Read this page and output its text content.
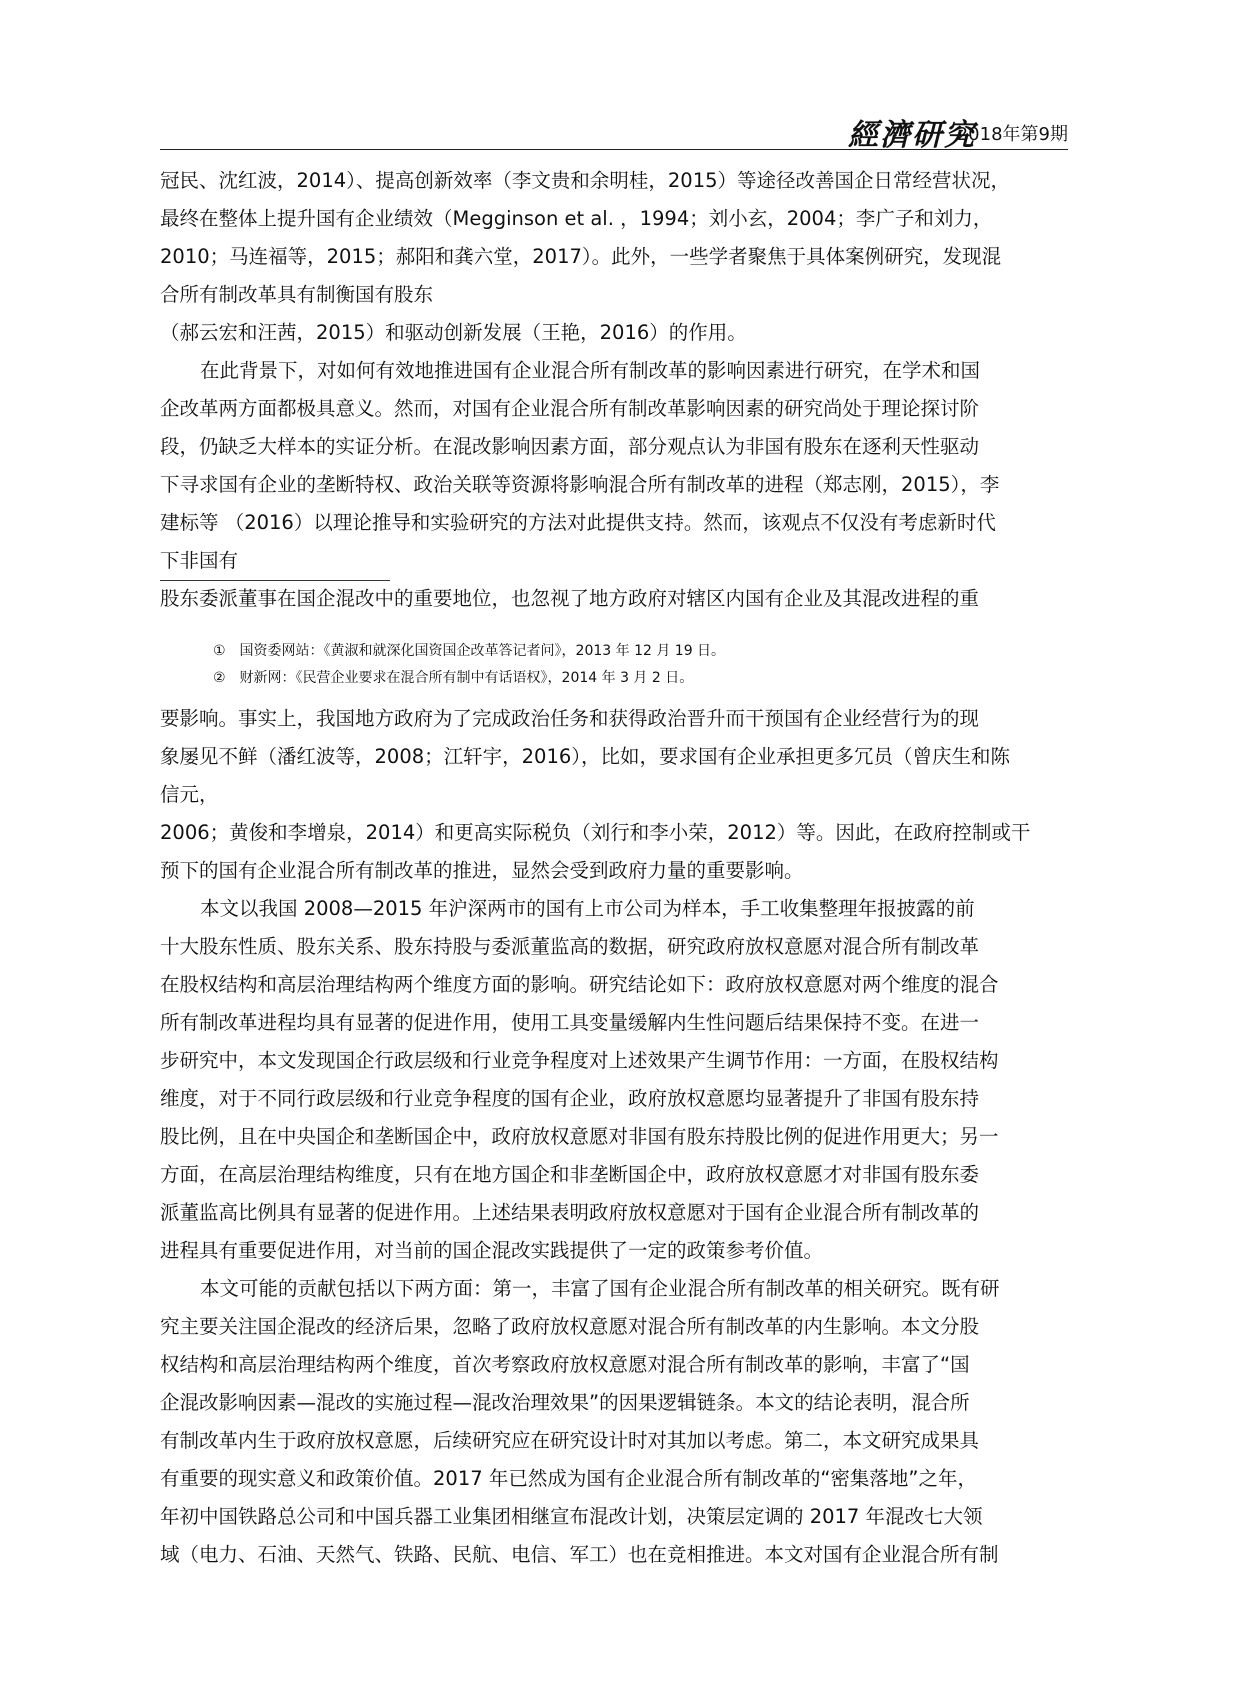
經濟研究
2018年第9期
冠民、沈红波，2014）、提高创新效率（李文贵和余明桂，2015）等途径改善国企日常经营状况，
最终在整体上提升国有企业绩效（Megginson et al. ，1994；刘小玄，2004；李广子和刘力，
2010；马连福等，2015；郝阳和龚六堂，2017）。此外，一些学者聚焦于具体案例研究，发现混
合所有制改革具有制衡国有股东
（郝云宏和汪茜，2015）和驱动创新发展（王艳，2016）的作用。
在此背景下，对如何有效地推进国有企业混合所有制改革的影响因素进行研究，在学术和国
企改革两方面都极具意义。然而，对国有企业混合所有制改革影响因素的研究尚处于理论探讨阶
段，仍缺乏大样本的实证分析。在混改影响因素方面，部分观点认为非国有股东在逐利天性驱动
下寻求国有企业的垄断特权、政治关联等资源将影响混合所有制改革的进程（郑志刚，2015），李
建标等 （2016）以理论推导和实验研究的方法对此提供支持。然而，该观点不仅没有考虑新时代
下非国有
股东委派董事在国企混改中的重要地位，也忽视了地方政府对辖区内国有企业及其混改进程的重
①　国资委网站：《黄淑和就深化国资国企改革答记者问》，2013 年 12 月 19 日。
②　财新网：《民营企业要求在混合所有制中有话语权》，2014 年 3 月 2 日。
要影响。事实上，我国地方政府为了完成政治任务和获得政治晋升而干预国有企业经营行为的现
象屡见不鲜（潘红波等，2008；江轩宇，2016），比如，要求国有企业承担更多冗员（曾庆生和陈
信元，
2006；黄俊和李增泉，2014）和更高实际税负（刘行和李小荣，2012）等。因此，在政府控制或干
预下的国有企业混合所有制改革的推进，显然会受到政府力量的重要影响。
本文以我国 2008—2015 年沪深两市的国有上市公司为样本，手工收集整理年报披露的前
十大股东性质、股东关系、股东持股与委派董监高的数据，研究政府放权意愿对混合所有制改革
在股权结构和高层治理结构两个维度方面的影响。研究结论如下：政府放权意愿对两个维度的混合
所有制改革进程均具有显著的促进作用，使用工具变量缓解内生性问题后结果保持不变。在进一
步研究中，本文发现国企行政层级和行业竞争程度对上述效果产生调节作用：一方面，在股权结构
维度，对于不同行政层级和行业竞争程度的国有企业，政府放权意愿均显著提升了非国有股东持
股比例，且在中央国企和垄断国企中，政府放权意愿对非国有股东持股比例的促进作用更大；另一
方面，在高层治理结构维度，只有在地方国企和非垄断国企中，政府放权意愿才对非国有股东委
派董监高比例具有显著的促进作用。上述结果表明政府放权意愿对于国有企业混合所有制改革的
进程具有重要促进作用，对当前的国企混改实践提供了一定的政策参考价值。
本文可能的贡献包括以下两方面：第一，丰富了国有企业混合所有制改革的相关研究。既有研
究主要关注国企混改的经济后果，忽略了政府放权意愿对混合所有制改革的内生影响。本文分股
权结构和高层治理结构两个维度，首次考察政府放权意愿对混合所有制改革的影响，丰富了“国
企混改影响因素—混改的实施过程—混改治理效果”的因果逻辑链条。本文的结论表明，混合所
有制改革内生于政府放权意愿，后续研究应在研究设计时对其加以考虑。第二，本文研究成果具
有重要的现实意义和政策价值。2017 年已然成为国有企业混合所有制改革的“密集落地”之年，
年初中国铁路总公司和中国兵器工业集团相继宣布混改计划，决策层定调的 2017 年混改七大领
域（电力、石油、天然气、铁路、民航、电信、军工）也在竞相推进。本文对国有企业混合所有制
